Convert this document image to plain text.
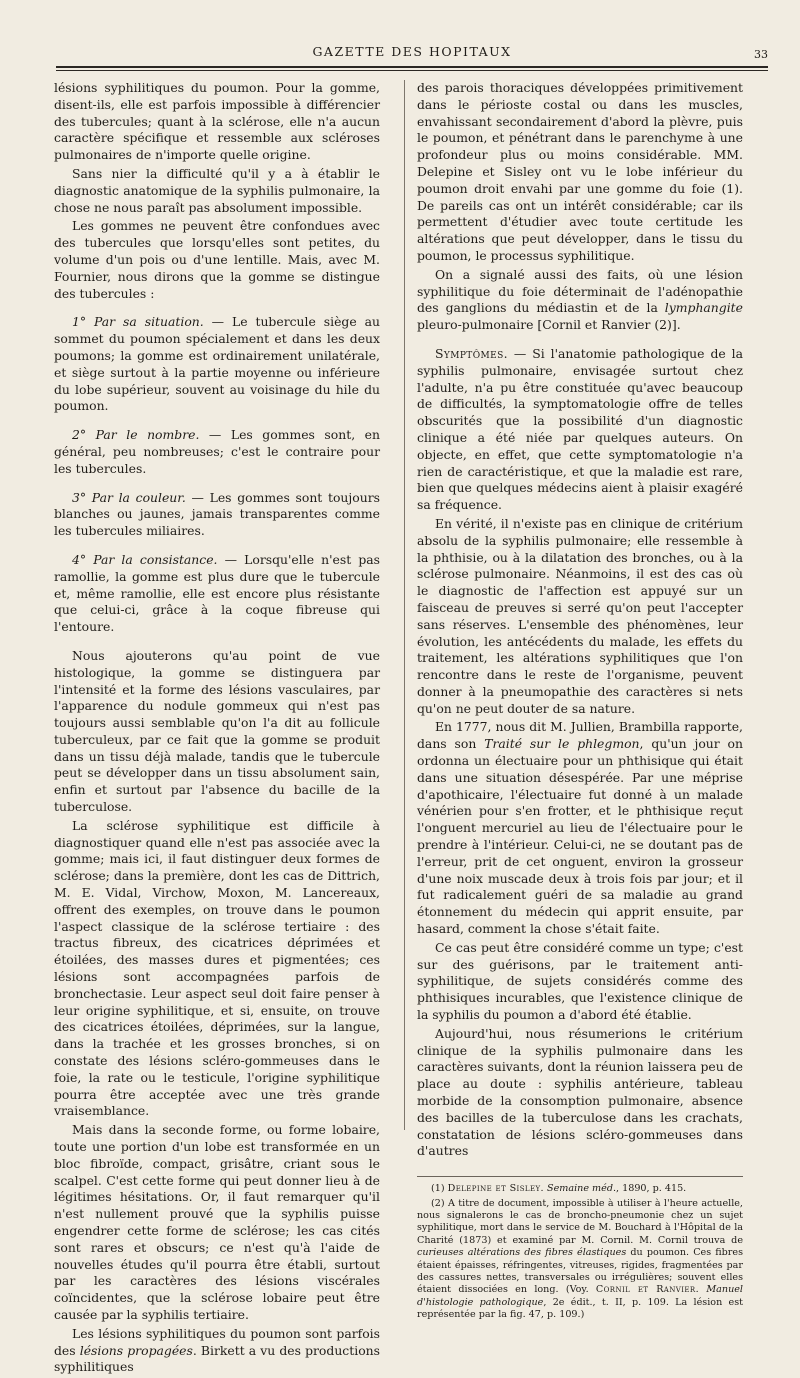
GAZETTE DES HOPITAUX	33

lésions syphilitiques du poumon. Pour la gomme, disent-ils, elle est parfois impossible à différencier des tubercules; quant à la sclérose, elle n'a aucun caractère spécifique et ressemble aux scléroses pulmonaires de n'importe quelle origine.

Sans nier la difficulté qu'il y a à établir le diagnostic anatomique de la syphilis pulmonaire, la chose ne nous paraît pas absolument impossible.

Les gommes ne peuvent être confondues avec des tubercules que lorsqu'elles sont petites, du volume d'un pois ou d'une lentille. Mais, avec M. Fournier, nous dirons que la gomme se distingue des tubercules :

1° Par sa situation. — Le tubercule siège au sommet du poumon spécialement et dans les deux poumons; la gomme est ordinairement unilatérale, et siège surtout à la partie moyenne ou inférieure du lobe supérieur, souvent au voisinage du hile du poumon.

2° Par le nombre. — Les gommes sont, en général, peu nombreuses; c'est le contraire pour les tubercules.

3° Par la couleur. — Les gommes sont toujours blanches ou jaunes, jamais transparentes comme les tubercules miliaires.

4° Par la consistance. — Lorsqu'elle n'est pas ramollie, la gomme est plus dure que le tubercule et, même ramollie, elle est encore plus résistante que celui-ci, grâce à la coque fibreuse qui l'entoure.

Nous ajouterons qu'au point de vue histologique, la gomme se distinguera par l'intensité et la forme des lésions vasculaires, par l'apparence du nodule gommeux qui n'est pas toujours aussi semblable qu'on l'a dit au follicule tuberculeux, par ce fait que la gomme se produit dans un tissu déjà malade, tandis que le tubercule peut se développer dans un tissu absolument sain, enfin et surtout par l'absence du bacille de la tuberculose.

La sclérose syphilitique est difficile à diagnostiquer quand elle n'est pas associée avec la gomme; mais ici, il faut distinguer deux formes de sclérose; dans la première, dont les cas de Dittrich, M. E. Vidal, Virchow, Moxon, M. Lancereaux, offrent des exemples, on trouve dans le poumon l'aspect classique de la sclérose tertiaire : des tractus fibreux, des cicatrices déprimées et étoilées, des masses dures et pigmentées; ces lésions sont accompagnées parfois de bronchectasie. Leur aspect seul doit faire penser à leur origine syphilitique, et si, ensuite, on trouve des cicatrices étoilées, déprimées, sur la langue, dans la trachée et les grosses bronches, si on constate des lésions scléro-gommeuses dans le foie, la rate ou le testicule, l'origine syphilitique pourra être acceptée avec une très grande vraisemblance.

Mais dans la seconde forme, ou forme lobaire, toute une portion d'un lobe est transformée en un bloc fibroïde, compact, grisâtre, criant sous le scalpel. C'est cette forme qui peut donner lieu à de légitimes hésitations. Or, il faut remarquer qu'il n'est nullement prouvé que la syphilis puisse engendrer cette forme de sclérose; les cas cités sont rares et obscurs; ce n'est qu'à l'aide de nouvelles études qu'il pourra être établi, surtout par les caractères des lésions viscérales coïncidentes, que la sclérose lobaire peut être causée par la syphilis tertiaire.

Les lésions syphilitiques du poumon sont parfois des lésions propagées. Birkett a vu des productions syphilitiques

des parois thoraciques développées primitivement dans le périoste costal ou dans les muscles, envahissant secondairement d'abord la plèvre, puis le poumon, et pénétrant dans le parenchyme à une profondeur plus ou moins considérable. MM. Delepine et Sisley ont vu le lobe inférieur du poumon droit envahi par une gomme du foie (1). De pareils cas ont un intérêt considérable; car ils permettent d'étudier avec toute certitude les altérations que peut développer, dans le tissu du poumon, le processus syphilitique.

On a signalé aussi des faits, où une lésion syphilitique du foie déterminait de l'adénopathie des ganglions du médiastin et de la lymphangite pleuro-pulmonaire [Cornil et Ranvier (2)].

Symptômes. — Si l'anatomie pathologique de la syphilis pulmonaire, envisagée surtout chez l'adulte, n'a pu être constituée qu'avec beaucoup de difficultés, la symptomatologie offre de telles obscurités que la possibilité d'un diagnostic clinique a été niée par quelques auteurs. On objecte, en effet, que cette symptomatologie n'a rien de caractéristique, et que la maladie est rare, bien que quelques médecins aient à plaisir exagéré sa fréquence.

En vérité, il n'existe pas en clinique de critérium absolu de la syphilis pulmonaire; elle ressemble à la phthisie, ou à la dilatation des bronches, ou à la sclérose pulmonaire. Néanmoins, il est des cas où le diagnostic de l'affection est appuyé sur un faisceau de preuves si serré qu'on peut l'accepter sans réserves. L'ensemble des phénomènes, leur évolution, les antécédents du malade, les effets du traitement, les altérations syphilitiques que l'on rencontre dans le reste de l'organisme, peuvent donner à la pneumopathie des caractères si nets qu'on ne peut douter de sa nature.

En 1777, nous dit M. Jullien, Brambilla rapporte, dans son Traité sur le phlegmon, qu'un jour on ordonna un électuaire pour un phthisique qui était dans une situation désespérée. Par une méprise d'apothicaire, l'électuaire fut donné à un malade vénérien pour s'en frotter, et le phthisique reçut l'onguent mercuriel au lieu de l'électuaire pour le prendre à l'intérieur. Celui-ci, ne se doutant pas de l'erreur, prit de cet onguent, environ la grosseur d'une noix muscade deux à trois fois par jour; et il fut radicalement guéri de sa maladie au grand étonnement du médecin qui apprit ensuite, par hasard, comment la chose s'était faite.

Ce cas peut être considéré comme un type; c'est sur des guérisons, par le traitement anti-syphilitique, de sujets considérés comme des phthisiques incurables, que l'existence clinique de la syphilis du poumon a d'abord été établie.

Aujourd'hui, nous résumerions le critérium clinique de la syphilis pulmonaire dans les caractères suivants, dont la réunion laissera peu de place au doute : syphilis antérieure, tableau morbide de la consomption pulmonaire, absence des bacilles de la tuberculose dans les crachats, constatation de lésions scléro-gommeuses dans d'autres

(1) Delepine et Sisley. Semaine méd., 1890, p. 415.

(2) A titre de document, impossible à utiliser à l'heure actuelle, nous signalerons le cas de broncho-pneumonie chez un sujet syphilitique, mort dans le service de M. Bouchard à l'Hôpital de la Charité (1873) et examiné par M. Cornil. M. Cornil trouva de curieuses altérations des fibres élastiques du poumon. Ces fibres étaient épaisses, réfringentes, vitreuses, rigides, fragmentées par des cassures nettes, transversales ou irrégulières; souvent elles étaient dissociées en long. (Voy. Cornil et Ranvier. Manuel d'histologie pathologique, 2e édit., t. II, p. 109. La lésion est représentée par la fig. 47, p. 109.)
